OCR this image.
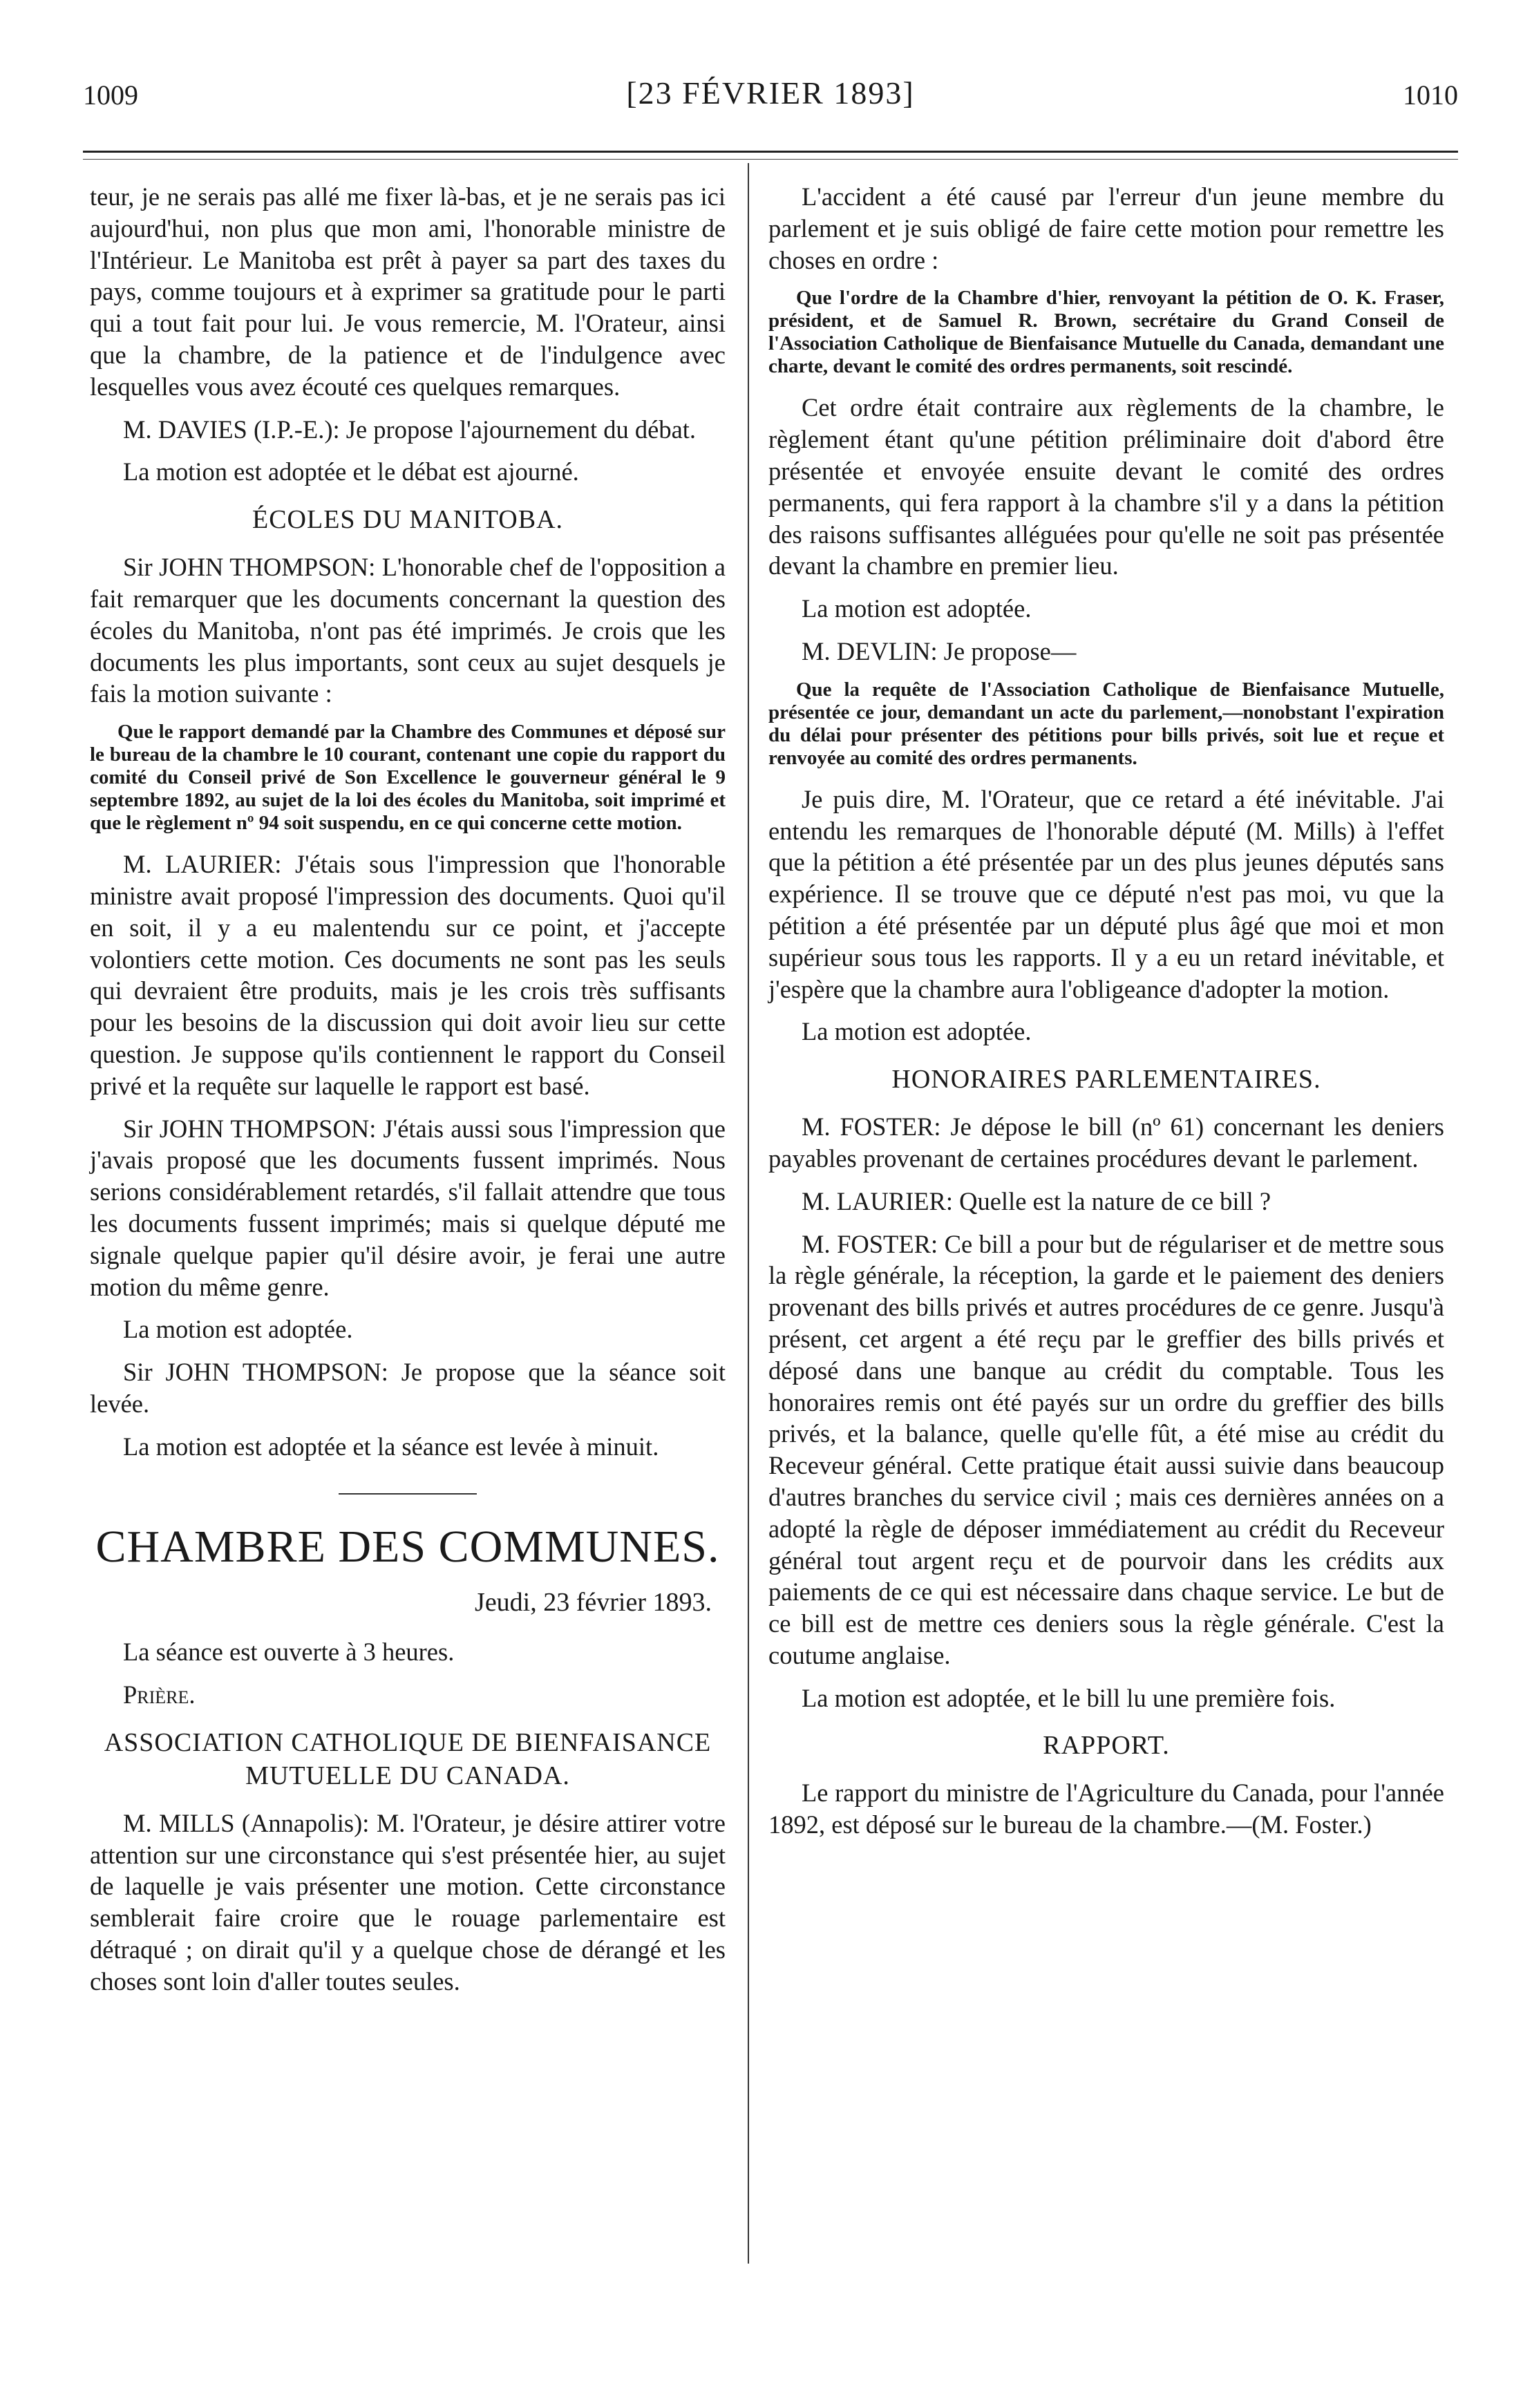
1009	[23 FÉVRIER 1893]	1010

teur, je ne serais pas allé me fixer là-bas, et je ne serais pas ici aujourd'hui, non plus que mon ami, l'honorable ministre de l'Intérieur. Le Manitoba est prêt à payer sa part des taxes du pays, comme toujours et à exprimer sa gratitude pour le parti qui a tout fait pour lui. Je vous remercie, M. l'Orateur, ainsi que la chambre, de la patience et de l'indulgence avec lesquelles vous avez écouté ces quelques remarques.

M. DAVIES (I.P.-E.): Je propose l'ajournement du débat.

La motion est adoptée et le débat est ajourné.

ÉCOLES DU MANITOBA.

Sir JOHN THOMPSON: L'honorable chef de l'opposition a fait remarquer que les documents concernant la question des écoles du Manitoba, n'ont pas été imprimés. Je crois que les documents les plus importants, sont ceux au sujet desquels je fais la motion suivante :

Que le rapport demandé par la Chambre des Communes et déposé sur le bureau de la chambre le 10 courant, contenant une copie du rapport du comité du Conseil privé de Son Excellence le gouverneur général le 9 septembre 1892, au sujet de la loi des écoles du Manitoba, soit imprimé et que le règlement nº 94 soit suspendu, en ce qui concerne cette motion.

M. LAURIER: J'étais sous l'impression que l'honorable ministre avait proposé l'impression des documents. Quoi qu'il en soit, il y a eu malentendu sur ce point, et j'accepte volontiers cette motion. Ces documents ne sont pas les seuls qui devraient être produits, mais je les crois très suffisants pour les besoins de la discussion qui doit avoir lieu sur cette question. Je suppose qu'ils contiennent le rapport du Conseil privé et la requête sur laquelle le rapport est basé.

Sir JOHN THOMPSON: J'étais aussi sous l'impression que j'avais proposé que les documents fussent imprimés. Nous serions considérablement retardés, s'il fallait attendre que tous les documents fussent imprimés; mais si quelque député me signale quelque papier qu'il désire avoir, je ferai une autre motion du même genre.

La motion est adoptée.

Sir JOHN THOMPSON: Je propose que la séance soit levée.

La motion est adoptée et la séance est levée à minuit.

CHAMBRE DES COMMUNES.
Jeudi, 23 février 1893.

La séance est ouverte à 3 heures.

Prière.

ASSOCIATION CATHOLIQUE DE BIENFAISANCE MUTUELLE DU CANADA.

M. MILLS (Annapolis): M. l'Orateur, je désire attirer votre attention sur une circonstance qui s'est présentée hier, au sujet de laquelle je vais présenter une motion. Cette circonstance semblerait faire croire que le rouage parlementaire est détraqué ; on dirait qu'il y a quelque chose de dérangé et les choses sont loin d'aller toutes seules.

L'accident a été causé par l'erreur d'un jeune membre du parlement et je suis obligé de faire cette motion pour remettre les choses en ordre :

Que l'ordre de la Chambre d'hier, renvoyant la pétition de O. K. Fraser, président, et de Samuel R. Brown, secrétaire du Grand Conseil de l'Association Catholique de Bienfaisance Mutuelle du Canada, demandant une charte, devant le comité des ordres permanents, soit rescindé.

Cet ordre était contraire aux règlements de la chambre, le règlement étant qu'une pétition préliminaire doit d'abord être présentée et envoyée ensuite devant le comité des ordres permanents, qui fera rapport à la chambre s'il y a dans la pétition des raisons suffisantes alléguées pour qu'elle ne soit pas présentée devant la chambre en premier lieu.

La motion est adoptée.

M. DEVLIN: Je propose—

Que la requête de l'Association Catholique de Bienfaisance Mutuelle, présentée ce jour, demandant un acte du parlement,—nonobstant l'expiration du délai pour présenter des pétitions pour bills privés, soit lue et reçue et renvoyée au comité des ordres permanents.

Je puis dire, M. l'Orateur, que ce retard a été inévitable. J'ai entendu les remarques de l'honorable député (M. Mills) à l'effet que la pétition a été présentée par un des plus jeunes députés sans expérience. Il se trouve que ce député n'est pas moi, vu que la pétition a été présentée par un député plus âgé que moi et mon supérieur sous tous les rapports. Il y a eu un retard inévitable, et j'espère que la chambre aura l'obligeance d'adopter la motion.

La motion est adoptée.

HONORAIRES PARLEMENTAIRES.

M. FOSTER: Je dépose le bill (nº 61) concernant les deniers payables provenant de certaines procédures devant le parlement.

M. LAURIER: Quelle est la nature de ce bill ?

M. FOSTER: Ce bill a pour but de régulariser et de mettre sous la règle générale, la réception, la garde et le paiement des deniers provenant des bills privés et autres procédures de ce genre. Jusqu'à présent, cet argent a été reçu par le greffier des bills privés et déposé dans une banque au crédit du comptable. Tous les honoraires remis ont été payés sur un ordre du greffier des bills privés, et la balance, quelle qu'elle fût, a été mise au crédit du Receveur général. Cette pratique était aussi suivie dans beaucoup d'autres branches du service civil ; mais ces dernières années on a adopté la règle de déposer immédiatement au crédit du Receveur général tout argent reçu et de pourvoir dans les crédits aux paiements de ce qui est nécessaire dans chaque service. Le but de ce bill est de mettre ces deniers sous la règle générale. C'est la coutume anglaise.

La motion est adoptée, et le bill lu une première fois.

RAPPORT.

Le rapport du ministre de l'Agriculture du Canada, pour l'année 1892, est déposé sur le bureau de la chambre.—(M. Foster.)
